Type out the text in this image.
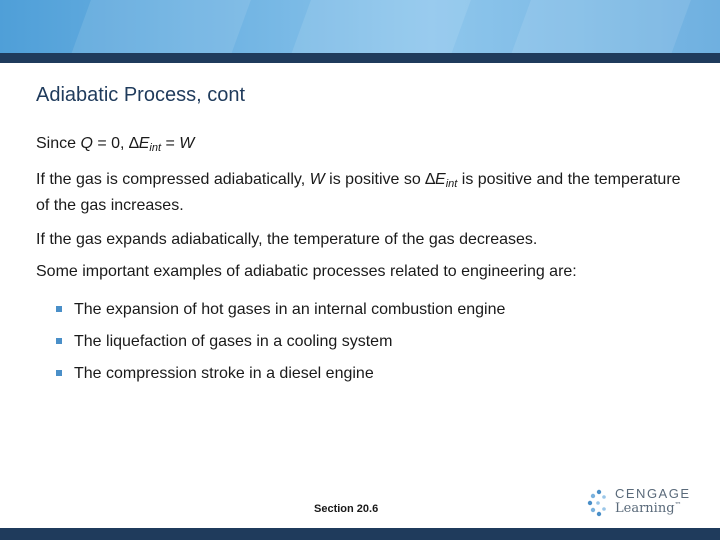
Adiabatic Process, cont

Since Q = 0, $\Delta E_{int} = W$

If the gas is compressed adiabatically, W is positive so $\Delta E_{int}$ is positive and the temperature of the gas increases.

If the gas expands adiabatically, the temperature of the gas decreases.

Some important examples of adiabatic processes related to engineering are:

The expansion of hot gases in an internal combustion engine
The liquefaction of gases in a cooling system
The compression stroke in a diesel engine
Section 20.6
CENGAGE
Learning™
